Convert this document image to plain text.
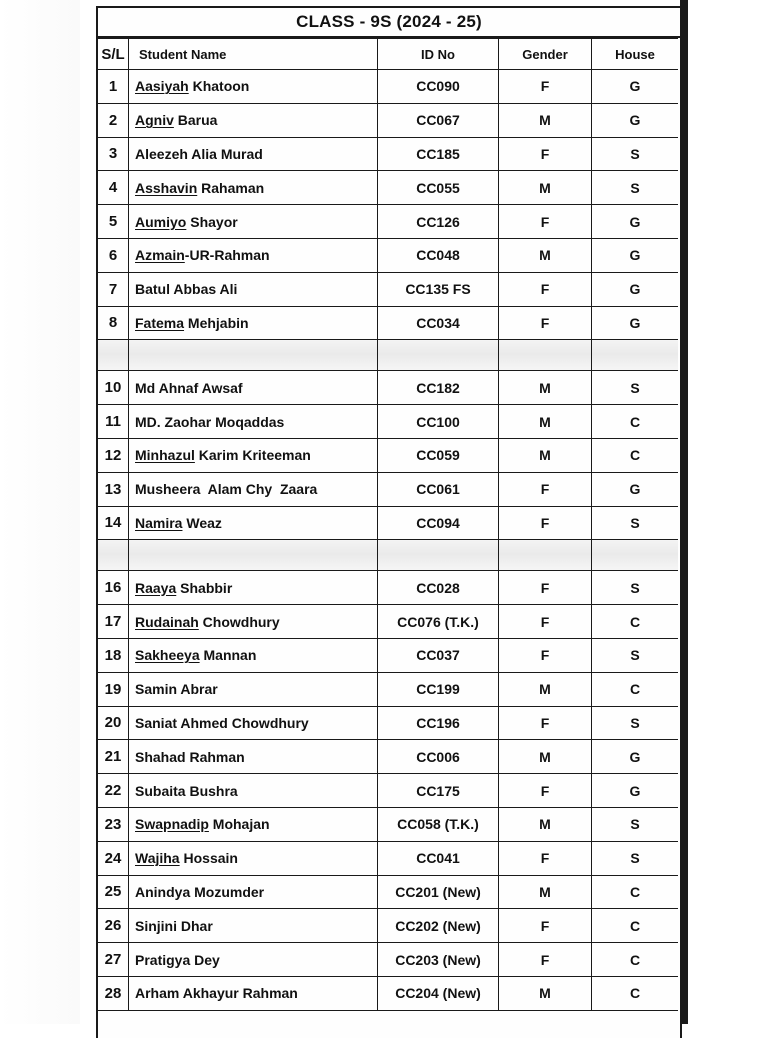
CLASS - 9S (2024 - 25)
S/L	Student Name	ID No	Gender	House
1	Aasiyah Khatoon	CC090	F	G
2	Agniv Barua	CC067	M	G
3	Aleezeh Alia Murad	CC185	F	S
4	Asshavin Rahaman	CC055	M	S
5	Aumiyo Shayor	CC126	F	G
6	Azmain-UR-Rahman	CC048	M	G
7	Batul Abbas Ali	CC135 FS	F	G
8	Fatema Mehjabin	CC034	F	G

10	Md Ahnaf Awsaf	CC182	M	S
11	MD. Zaohar Moqaddas	CC100	M	C
12	Minhazul Karim Kriteeman	CC059	M	C
13	Musheera  Alam Chy  Zaara	CC061	F	G
14	Namira Weaz	CC094	F	S

16	Raaya Shabbir	CC028	F	S
17	Rudainah Chowdhury	CC076 (T.K.)	F	C
18	Sakheeya Mannan	CC037	F	S
19	Samin Abrar	CC199	M	C
20	Saniat Ahmed Chowdhury	CC196	F	S
21	Shahad Rahman	CC006	M	G
22	Subaita Bushra	CC175	F	G
23	Swapnadip Mohajan	CC058 (T.K.)	M	S
24	Wajiha Hossain	CC041	F	S
25	Anindya Mozumder	CC201 (New)	M	C
26	Sinjini Dhar	CC202 (New)	F	C
27	Pratigya Dey	CC203 (New)	F	C
28	Arham Akhayur Rahman	CC204 (New)	M	C
